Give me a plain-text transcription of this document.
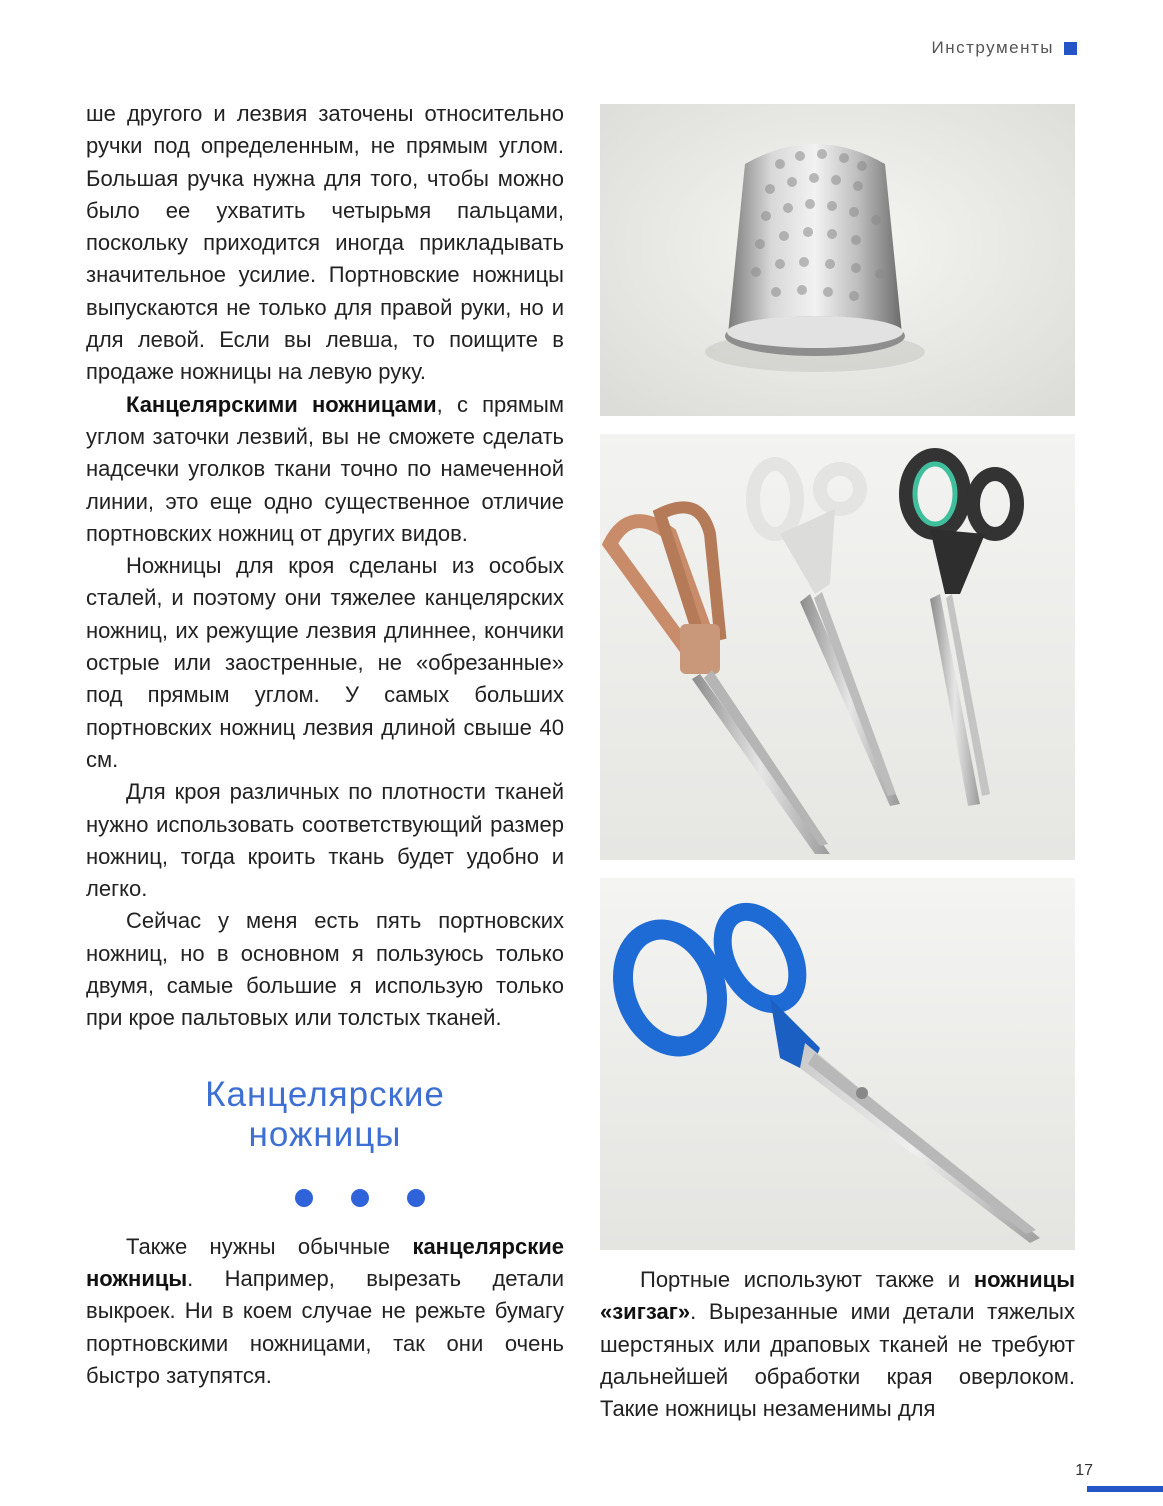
Инструменты

ше другого и лезвия заточены относительно ручки под определенным, не прямым углом. Большая ручка нужна для того, чтобы можно было ее ухватить четырьмя пальцами, поскольку приходится иногда прикладывать значительное усилие. Портновские ножницы выпускаются не только для правой руки, но и для левой. Если вы левша, то поищите в продаже ножницы на левую руку.

Канцелярскими ножницами, с прямым углом заточки лезвий, вы не сможете сделать надсечки уголков ткани точно по намеченной линии, это еще одно существенное отличие портновских ножниц от других видов.

Ножницы для кроя сделаны из особых сталей, и поэтому они тяжелее канцелярских ножниц, их режущие лезвия длиннее, кончики острые или заостренные, не «обрезанные» под прямым углом. У самых больших портновских ножниц лезвия длиной свыше 40 см.

Для кроя различных по плотности тканей нужно использовать соответствующий размер ножниц, тогда кроить ткань будет удобно и легко.

Сейчас у меня есть пять портновских ножниц, но в основном я пользуюсь только двумя, самые большие я использую только при крое пальтовых или толстых тканей.

Канцелярские
ножницы

Также нужны обычные канцелярские ножницы. Например, вырезать детали выкроек. Ни в коем случае не режьте бумагу портновскими ножницами, так они очень быстро затупятся.

Портные используют также и ножницы «зигзаг». Вырезанные ими детали тяжелых шерстяных или драповых тканей не требуют дальнейшей обработки края оверлоком. Такие ножницы незаменимы для

17
